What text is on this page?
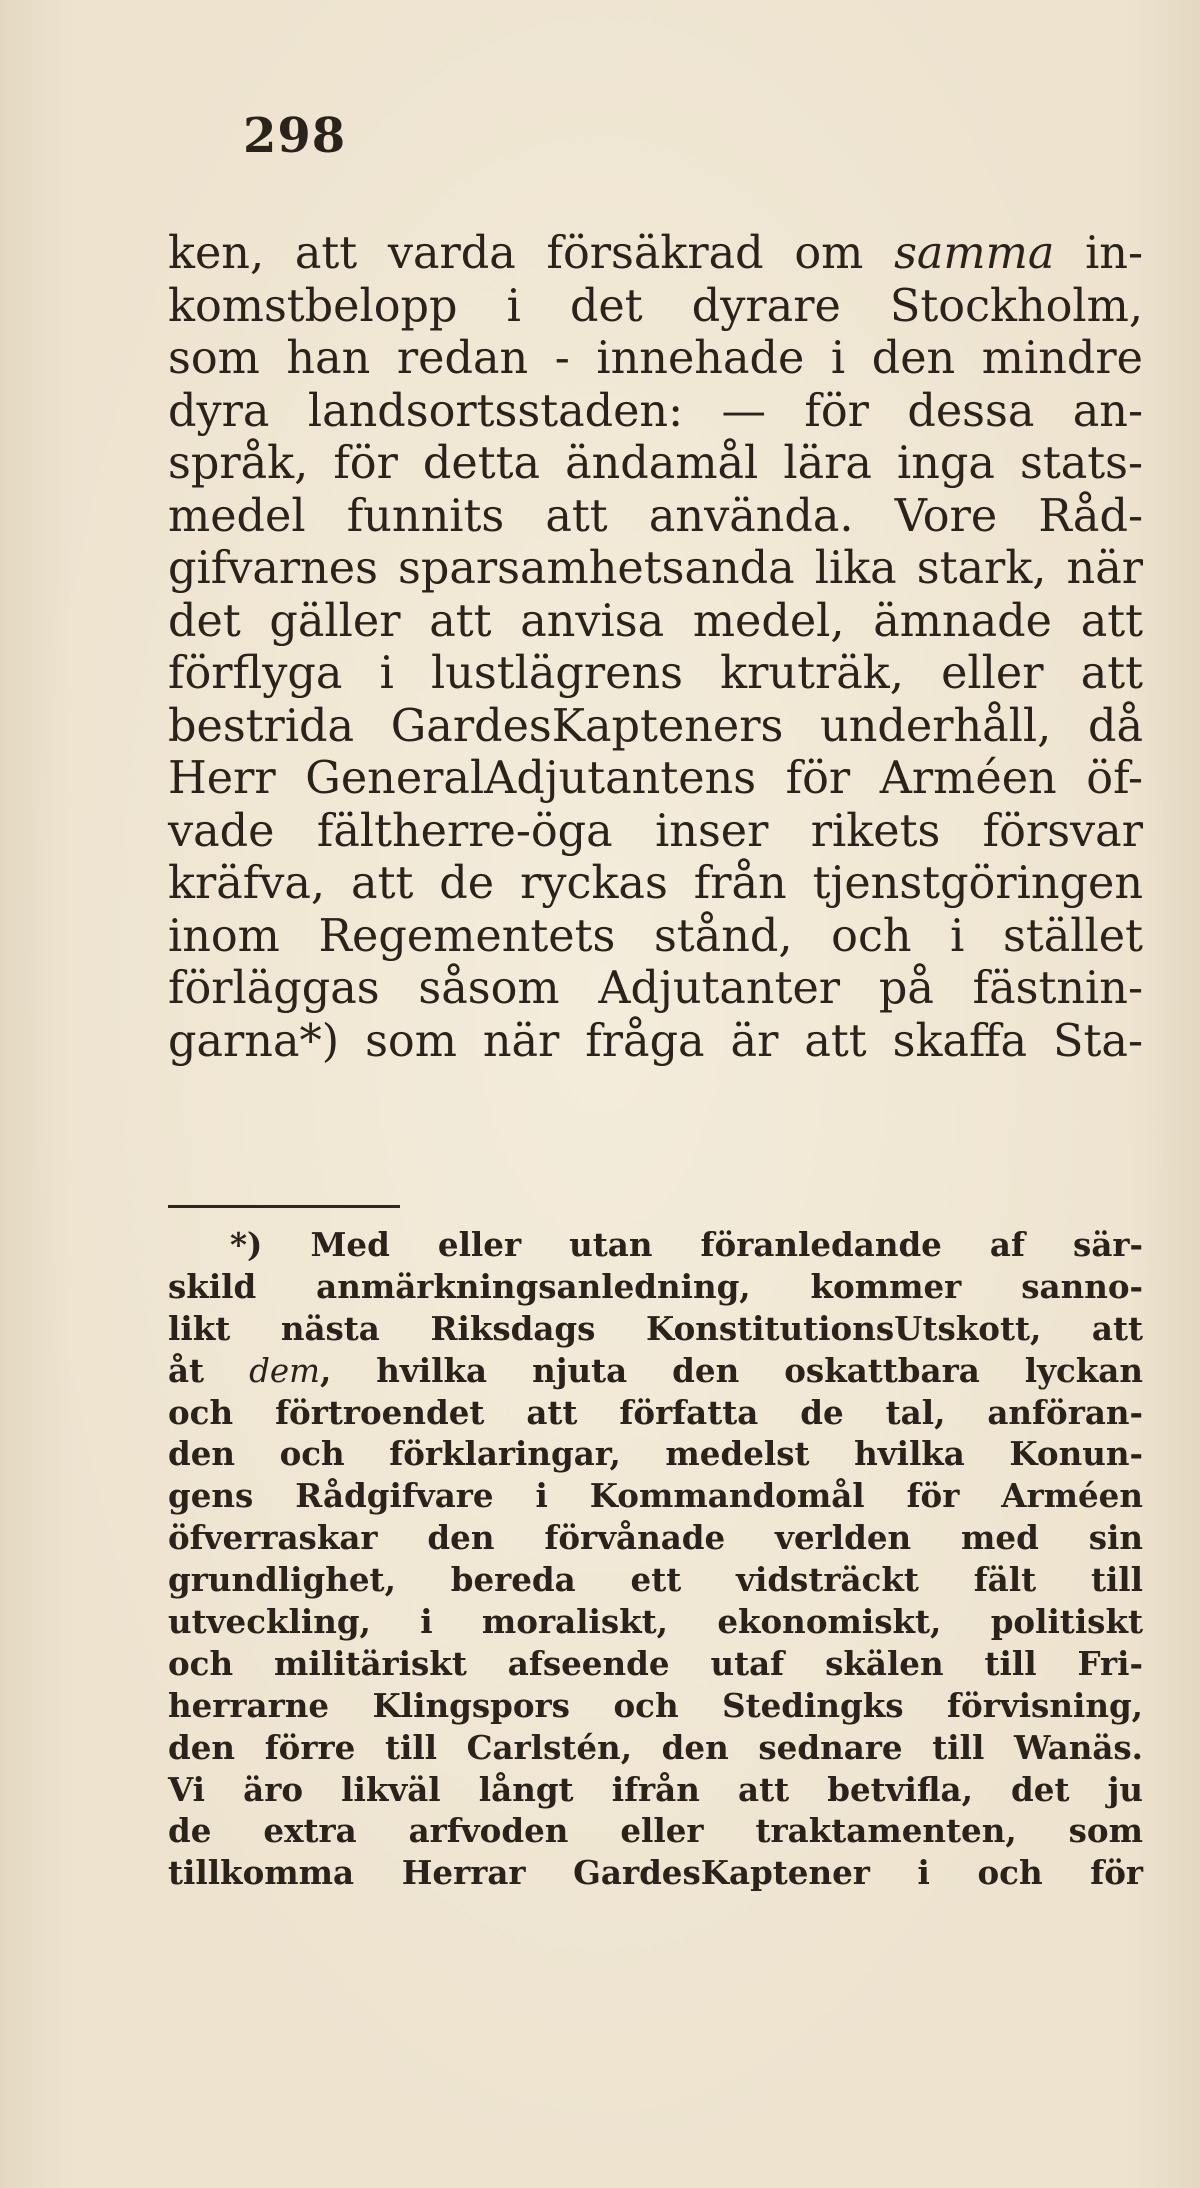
298
ken, att varda försäkrad om samma in-
komstbelopp i det dyrare Stockholm,
som han redan - innehade i den mindre
dyra landsortsstaden: — för dessa an-
språk, för detta ändamål lära inga stats-
medel funnits att använda. Vore Råd-
gifvarnes sparsamhetsanda lika stark, när
det gäller att anvisa medel, ämnade att
förflyga i lustlägrens kruträk, eller att
bestrida GardesKapteners underhåll, då
Herr GeneralAdjutantens för Arméen öf-
vade fältherre-öga inser rikets försvar
kräfva, att de ryckas från tjenstgöringen
inom Regementets stånd, och i stället
förläggas såsom Adjutanter på fästnin-
garna*) som när fråga är att skaffa Sta-
*) Med eller utan föranledande af sär-
skild anmärkningsanledning, kommer sanno-
likt nästa Riksdags KonstitutionsUtskott, att
åt dem, hvilka njuta den oskattbara lyckan
och förtroendet att författa de tal, anföran-
den och förklaringar, medelst hvilka Konun-
gens Rådgifvare i Kommandomål för Arméen
öfverraskar den förvånade verlden med sin
grundlighet, bereda ett vidsträckt fält till
utveckling, i moraliskt, ekonomiskt, politiskt
och militäriskt afseende utaf skälen till Fri-
herrarne Klingspors och Stedingks förvisning,
den förre till Carlstén, den sednare till Wanäs.
Vi äro likväl långt ifrån att betvifla, det ju
de extra arfvoden eller traktamenten, som
tillkomma Herrar GardesKaptener i och för
